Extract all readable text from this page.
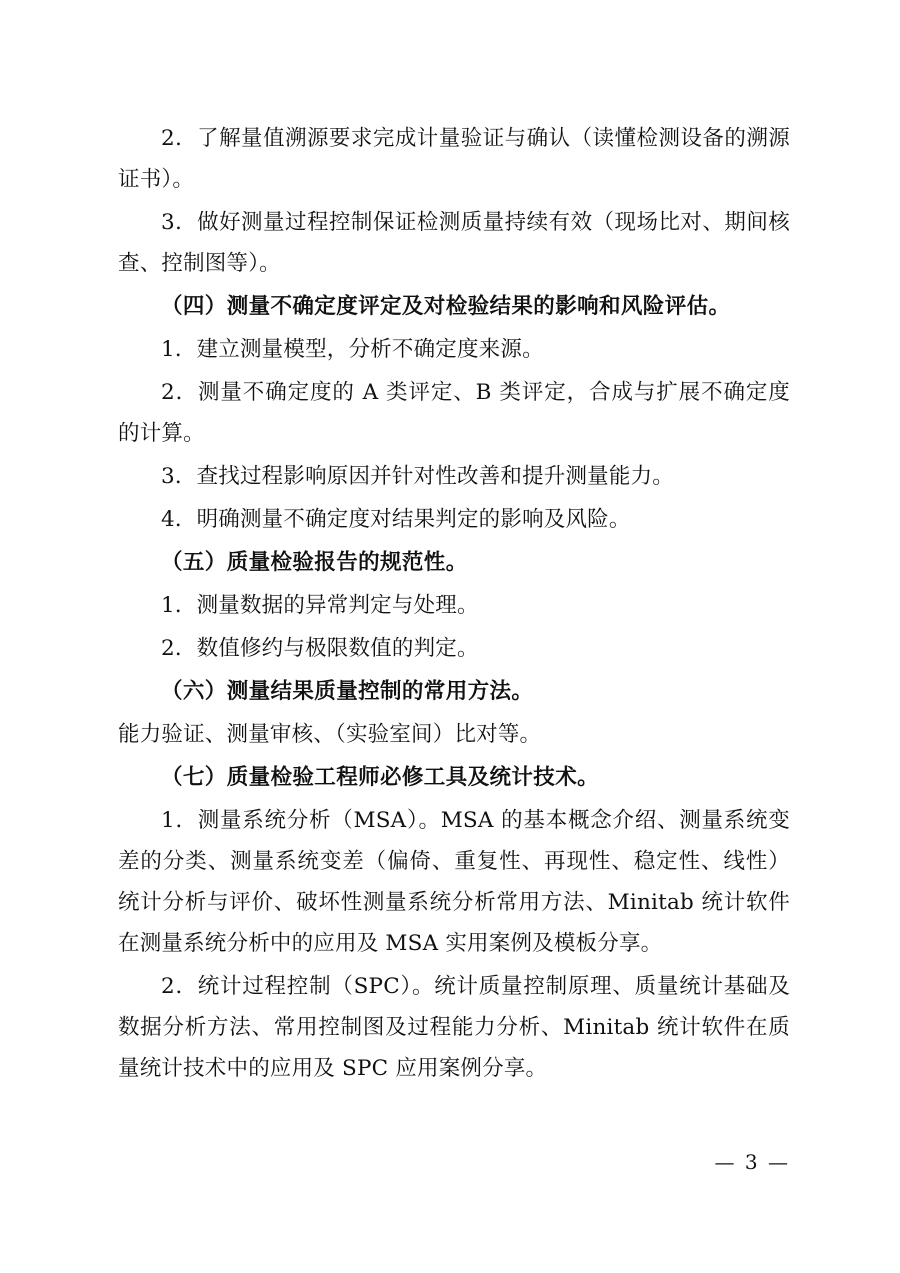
2．了解量值溯源要求完成计量验证与确认（读懂检测设备的溯源证书）。

3．做好测量过程控制保证检测质量持续有效（现场比对、期间核查、控制图等）。

（四）测量不确定度评定及对检验结果的影响和风险评估。

1．建立测量模型，分析不确定度来源。

2．测量不确定度的 A 类评定、B 类评定，合成与扩展不确定度的计算。

3．查找过程影响原因并针对性改善和提升测量能力。

4．明确测量不确定度对结果判定的影响及风险。

（五）质量检验报告的规范性。

1．测量数据的异常判定与处理。

2．数值修约与极限数值的判定。

（六）测量结果质量控制的常用方法。

能力验证、测量审核、（实验室间）比对等。

（七）质量检验工程师必修工具及统计技术。

1．测量系统分析（MSA）。MSA 的基本概念介绍、测量系统变差的分类、测量系统变差（偏倚、重复性、再现性、稳定性、线性）统计分析与评价、破坏性测量系统分析常用方法、Minitab 统计软件在测量系统分析中的应用及 MSA 实用案例及模板分享。

2．统计过程控制（SPC）。统计质量控制原理、质量统计基础及数据分析方法、常用控制图及过程能力分析、Minitab 统计软件在质量统计技术中的应用及 SPC 应用案例分享。

— 3 —
